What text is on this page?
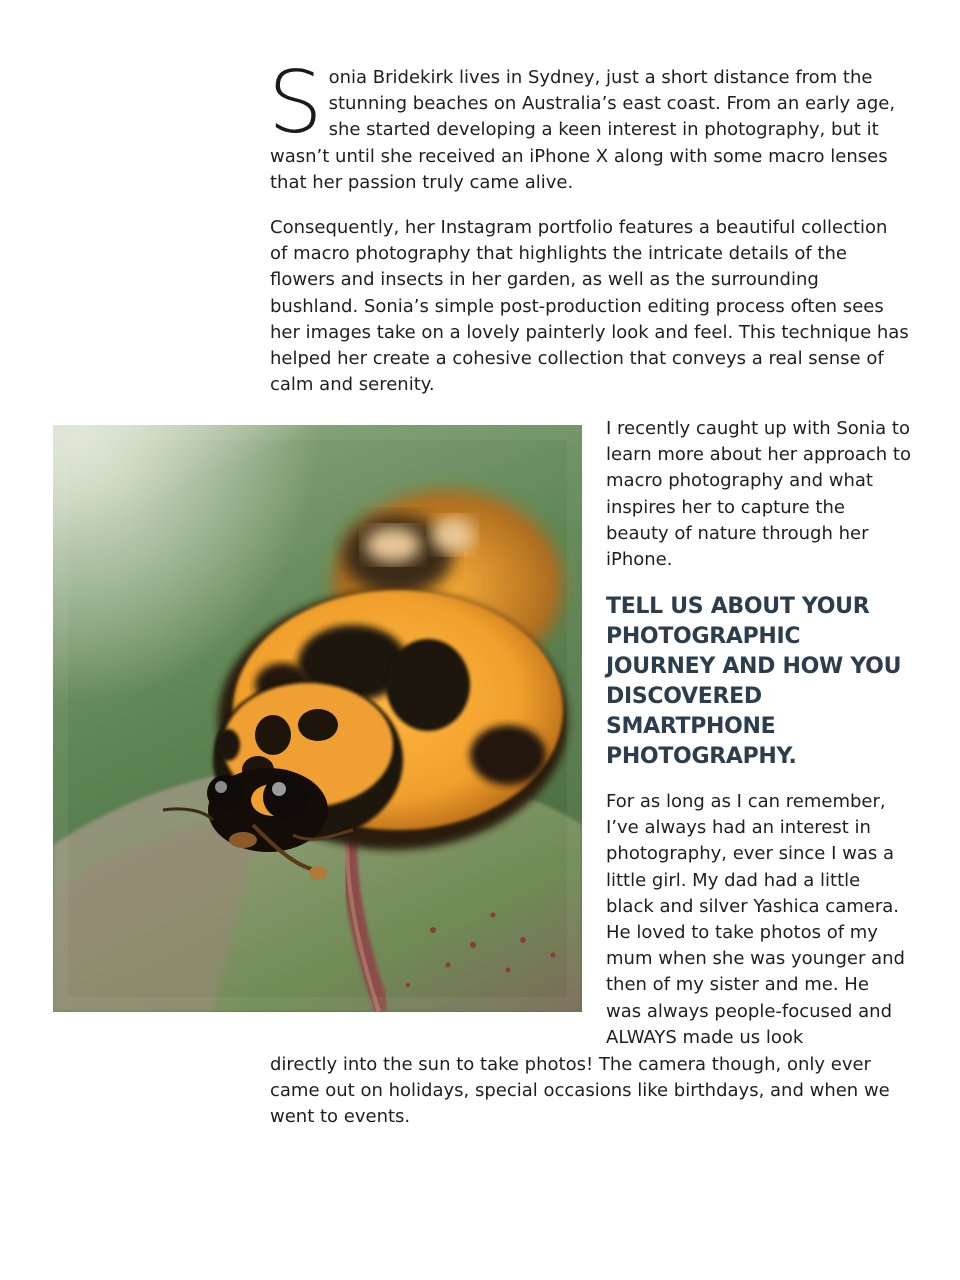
Sonia Bridekirk lives in Sydney, just a short distance from the stunning beaches on Australia’s east coast. From an early age, she started developing a keen interest in photography, but it wasn’t until she received an iPhone X along with some macro lenses that her passion truly came alive.

Consequently, her Instagram portfolio features a beautiful collection of macro photography that highlights the intricate details of the flowers and insects in her garden, as well as the surrounding bushland. Sonia’s simple post-production editing process often sees her images take on a lovely painterly look and feel. This technique has helped her create a cohesive collection that conveys a real sense of calm and serenity.

I recently caught up with Sonia to learn more about her approach to macro photography and what inspires her to capture the beauty of nature through her iPhone.

TELL US ABOUT YOUR PHOTOGRAPHIC JOURNEY AND HOW YOU DISCOVERED SMARTPHONE PHOTOGRAPHY.

For as long as I can remember, I’ve always had an interest in photography, ever since I was a little girl. My dad had a little black and silver Yashica camera. He loved to take photos of my mum when she was younger and then of my sister and me. He was always people-focused and ALWAYS made us look

directly into the sun to take photos! The camera though, only ever came out on holidays, special occasions like birthdays, and when we went to events.
